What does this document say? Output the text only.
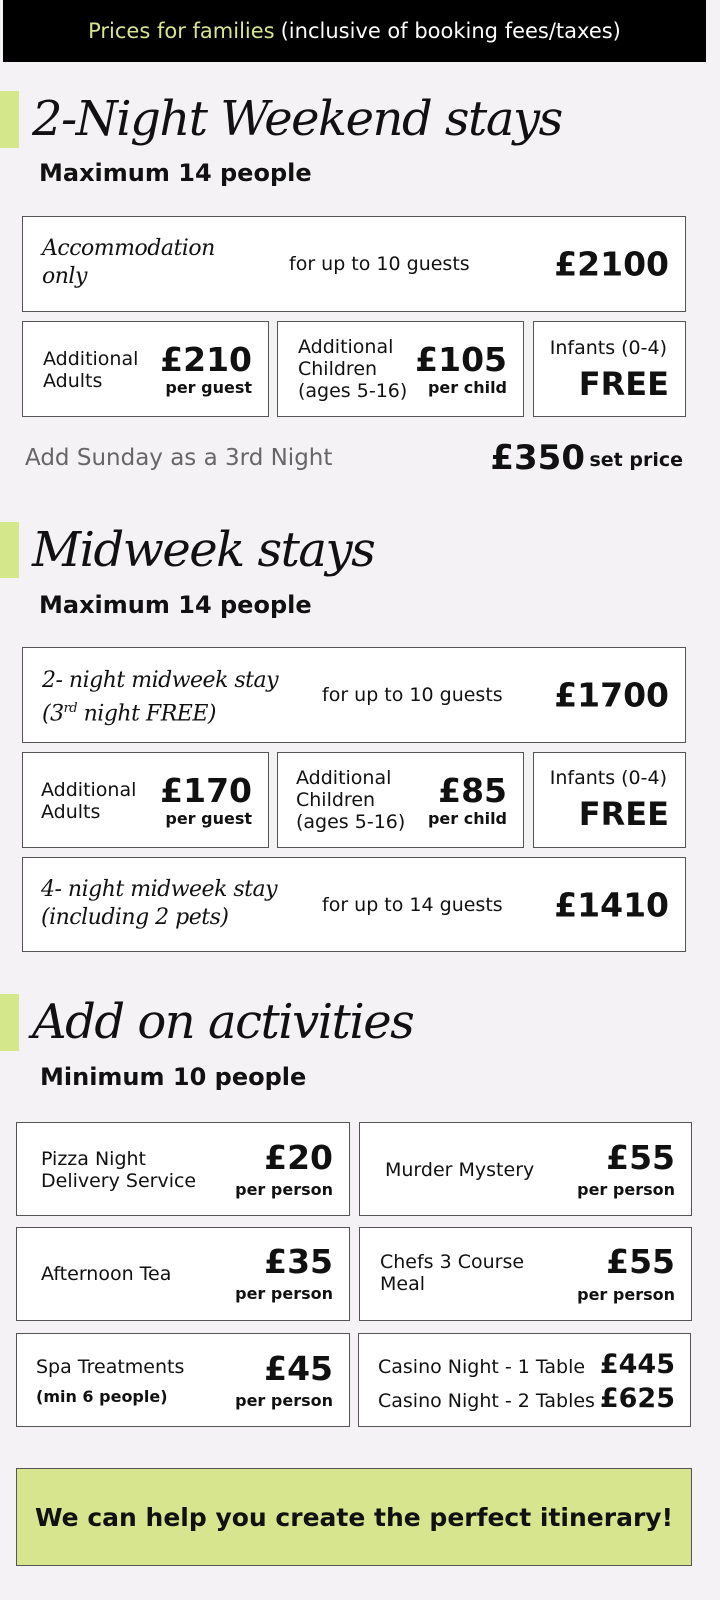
Prices for families (inclusive of booking fees/taxes)
2-Night Weekend stays
Maximum 14 people
Accommodation
only	for up to 10 guests	£2100
Additional
Adults
£210
per guest
Additional
Children
(ages 5-16)
£105
per child
Infants (0-4)
FREE
Add Sunday as a 3rd Night	£350 set price
Midweek stays
Maximum 14 people
2- night midweek stay
(3rd night FREE)
for up to 10 guests £1700
Additional
Adults
£170
per guest
Additional
Children
(ages 5-16)
£85
per child
Infants (0-4)
FREE
4- night midweek stay
(including 2 pets)
for up to 14 guests £1410
Add on activities
Minimum 10 people
Pizza Night
Delivery Service
£20
per person
Murder Mystery £55
per person
Afternoon Tea	£35
per person
Chefs 3 Course
Meal
£55
per person
Spa Treatments
(min 6 people)
£45
per person
Casino Night - 1 Table £445
Casino Night - 2 Tables £625
We can help you create the perfect itinerary!
